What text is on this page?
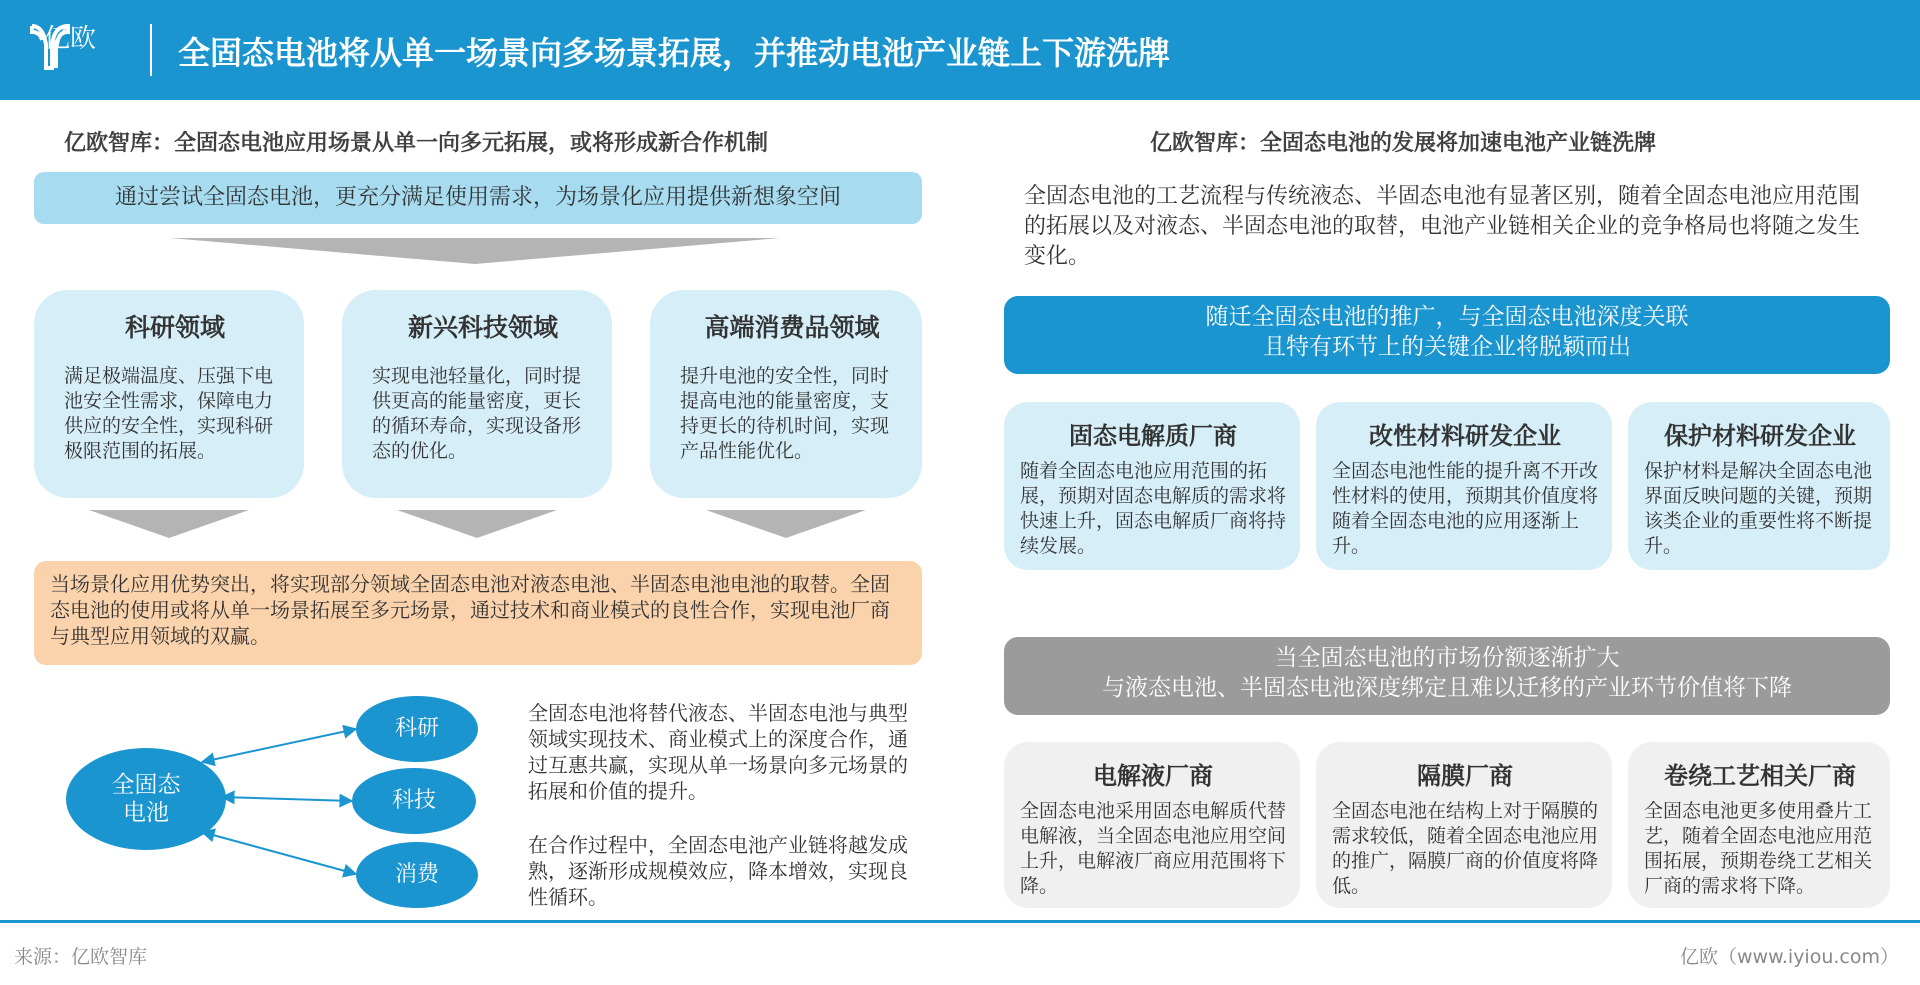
亿欧	全固态电池将从单一场景向多场景拓展，并推动电池产业链上下游洗牌
亿欧智库：全固态电池应用场景从单一向多元拓展，或将形成新合作机制
通过尝试全固态电池，更充分满足使用需求，为场景化应用提供新想象空间
科研领域
满足极端温度、压强下电池安全性需求，保障电力供应的安全性，实现科研极限范围的拓展。
新兴科技领域
实现电池轻量化，同时提供更高的能量密度，更长的循环寿命，实现设备形态的优化。
高端消费品领域
提升电池的安全性，同时提高电池的能量密度，支持更长的待机时间，实现产品性能优化。
当场景化应用优势突出，将实现部分领域全固态电池对液态电池、半固态电池电池的取替。全固态电池的使用或将从单一场景拓展至多元场景，通过技术和商业模式的良性合作，实现电池厂商与典型应用领域的双赢。
全固态
电池
科研
科技
消费
全固态电池将替代液态、半固态电池与典型领域实现技术、商业模式上的深度合作，通过互惠共赢，实现从单一场景向多元场景的拓展和价值的提升。
在合作过程中，全固态电池产业链将越发成熟，逐渐形成规模效应，降本增效，实现良性循环。
亿欧智库：全固态电池的发展将加速电池产业链洗牌
全固态电池的工艺流程与传统液态、半固态电池有显著区别，随着全固态电池应用范围的拓展以及对液态、半固态电池的取替，电池产业链相关企业的竞争格局也将随之发生变化。
随迁全固态电池的推广，与全固态电池深度关联
且特有环节上的关键企业将脱颖而出
固态电解质厂商
随着全固态电池应用范围的拓展，预期对固态电解质的需求将快速上升，固态电解质厂商将持续发展。
改性材料研发企业
全固态电池性能的提升离不开改性材料的使用，预期其价值度将随着全固态电池的应用逐渐上升。
保护材料研发企业
保护材料是解决全固态电池界面反映问题的关键，预期该类企业的重要性将不断提升。
当全固态电池的市场份额逐渐扩大
与液态电池、半固态电池深度绑定且难以迁移的产业环节价值将下降
电解液厂商
全固态电池采用固态电解质代替电解液，当全固态电池应用空间上升，电解液厂商应用范围将下降。
隔膜厂商
全固态电池在结构上对于隔膜的需求较低，随着全固态电池应用的推广，隔膜厂商的价值度将降低。
卷绕工艺相关厂商
全固态电池更多使用叠片工艺，随着全固态电池应用范围拓展，预期卷绕工艺相关厂商的需求将下降。
来源：亿欧智库	亿欧（www.iyiou.com）
